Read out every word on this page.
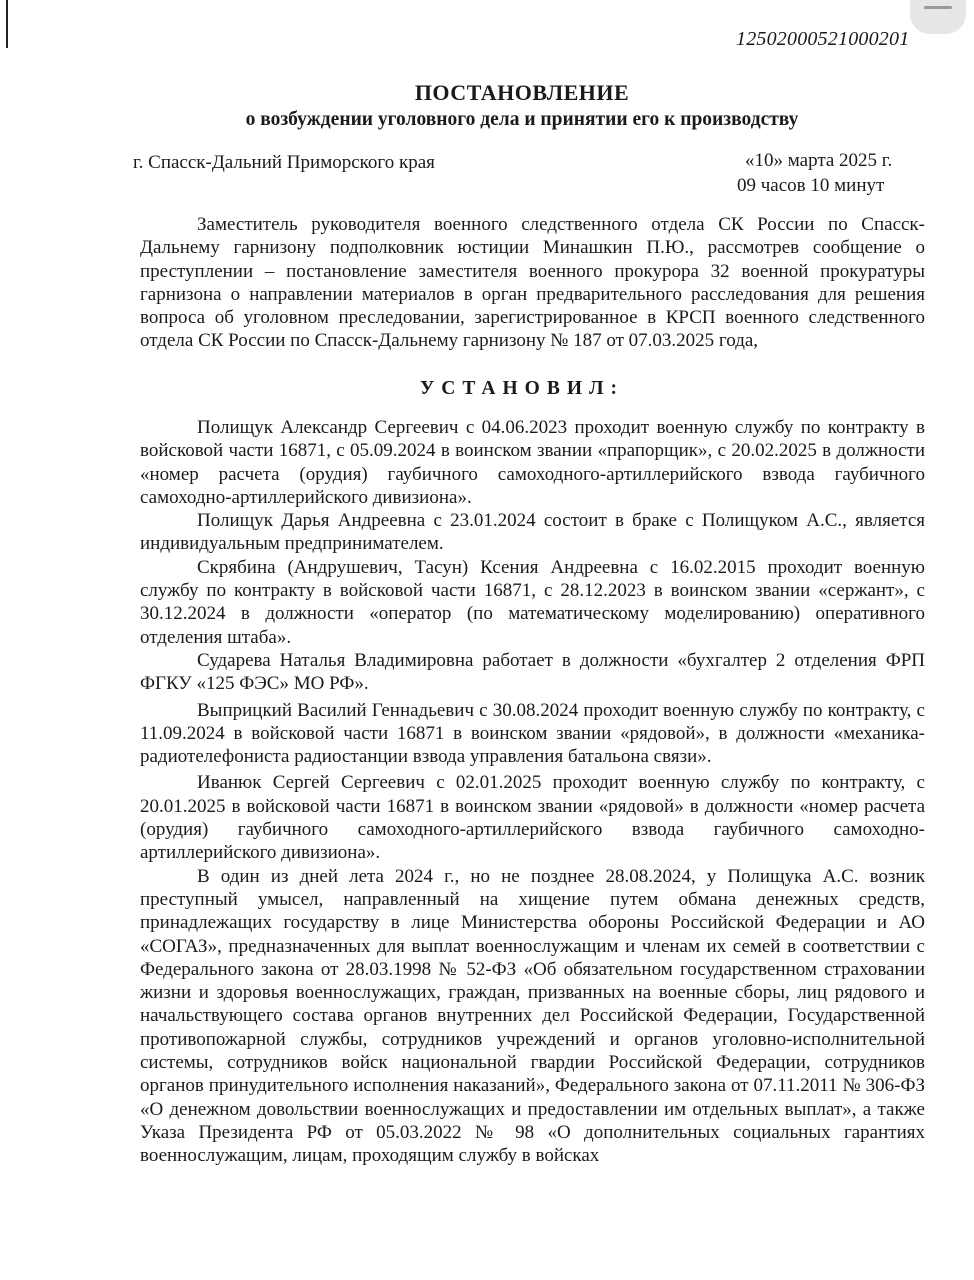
12502000521000201
ПОСТАНОВЛЕНИЕ
о возбуждении уголовного дела и принятии его к производству
г. Спасск-Дальний Приморского края	«10» марта 2025 г.
09 часов 10 минут

Заместитель руководителя военного следственного отдела СК России по Спасск-Дальнему гарнизону подполковник юстиции Минашкин П.Ю., рассмотрев сообщение о преступлении – постановление заместителя военного прокурора 32 военной прокуратуры гарнизона о направлении материалов в орган предварительного расследования для решения вопроса об уголовном преследовании, зарегистрированное в КРСП военного следственного отдела СК России по Спасск-Дальнему гарнизону № 187 от 07.03.2025 года,

УСТАНОВИЛ:

Полищук Александр Сергеевич с 04.06.2023 проходит военную службу по контракту в войсковой части 16871, с 05.09.2024 в воинском звании «прапорщик», с 20.02.2025 в должности «номер расчета (орудия) гаубичного самоходного-артиллерийского взвода гаубичного самоходно-артиллерийского дивизиона».

Полищук Дарья Андреевна с 23.01.2024 состоит в браке с Полищуком А.С., является индивидуальным предпринимателем.

Скрябина (Андрушевич, Тасун) Ксения Андреевна с 16.02.2015 проходит военную службу по контракту в войсковой части 16871, с 28.12.2023 в воинском звании «сержант», с 30.12.2024 в должности «оператор (по математическому моделированию) оперативного отделения штаба».

Сударева Наталья Владимировна работает в должности «бухгалтер 2 отделения ФРП ФГКУ «125 ФЭС» МО РФ».

Выприцкий Василий Геннадьевич с 30.08.2024 проходит военную службу по контракту, с 11.09.2024 в войсковой части 16871 в воинском звании «рядовой», в должности «механика-радиотелефониста радиостанции взвода управления батальона связи».

Иванюк Сергей Сергеевич с 02.01.2025 проходит военную службу по контракту, с 20.01.2025 в войсковой части 16871 в воинском звании «рядовой» в должности «номер расчета (орудия) гаубичного самоходного-артиллерийского взвода гаубичного самоходно-артиллерийского дивизиона».

В один из дней лета 2024 г., но не позднее 28.08.2024, у Полищука А.С. возник преступный умысел, направленный на хищение путем обмана денежных средств, принадлежащих государству в лице Министерства обороны Российской Федерации и АО «СОГАЗ», предназначенных для выплат военнослужащим и членам их семей в соответствии с Федерального закона от 28.03.1998 № 52-ФЗ «Об обязательном государственном страховании жизни и здоровья военнослужащих, граждан, призванных на военные сборы, лиц рядового и начальствующего состава органов внутренних дел Российской Федерации, Государственной противопожарной службы, сотрудников учреждений и органов уголовно-исполнительной системы, сотрудников войск национальной гвардии Российской Федерации, сотрудников органов принудительного исполнения наказаний», Федерального закона от 07.11.2011 № 306-ФЗ «О денежном довольствии военнослужащих и предоставлении им отдельных выплат», а также Указа Президента РФ от 05.03.2022 № 98 «О дополнительных социальных гарантиях военнослужащим, лицам, проходящим службу в войсках
